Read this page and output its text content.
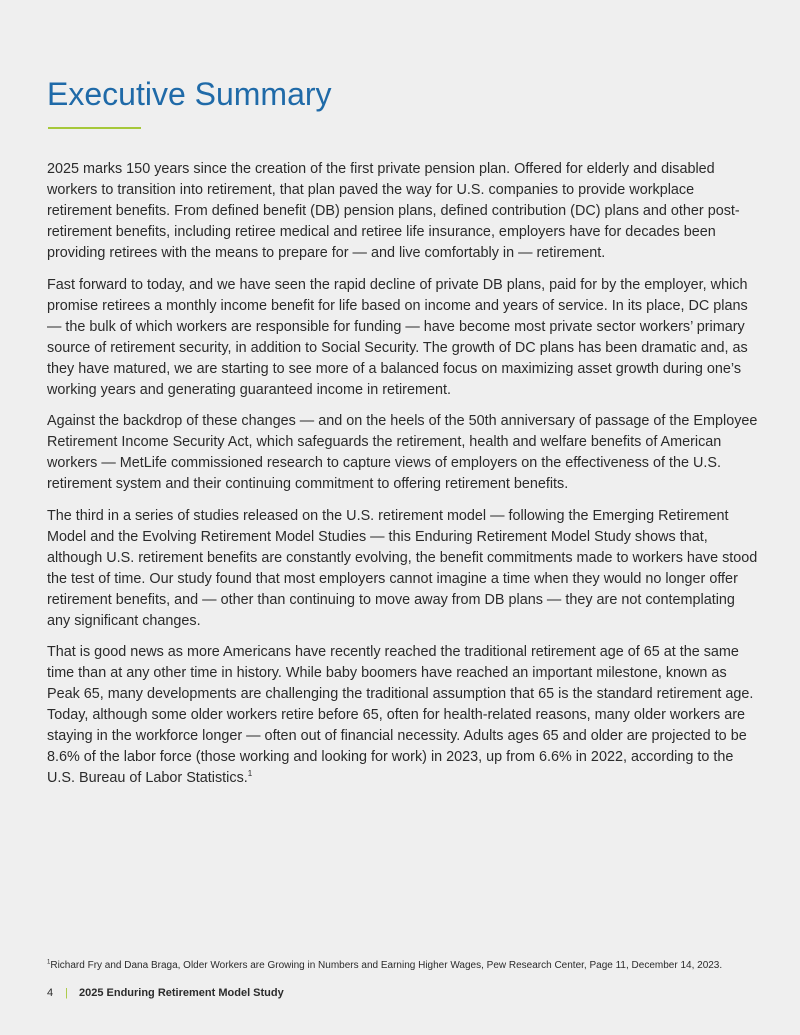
Executive Summary

2025 marks 150 years since the creation of the first private pension plan. Offered for elderly and disabled workers to transition into retirement, that plan paved the way for U.S. companies to provide workplace retirement benefits. From defined benefit (DB) pension plans, defined contribution (DC) plans and other post-retirement benefits, including retiree medical and retiree life insurance, employers have for decades been providing retirees with the means to prepare for — and live comfortably in — retirement.

Fast forward to today, and we have seen the rapid decline of private DB plans, paid for by the employer, which promise retirees a monthly income benefit for life based on income and years of service. In its place, DC plans — the bulk of which workers are responsible for funding — have become most private sector workers’ primary source of retirement security, in addition to Social Security. The growth of DC plans has been dramatic and, as they have matured, we are starting to see more of a balanced focus on maximizing asset growth during one’s working years and generating guaranteed income in retirement.

Against the backdrop of these changes — and on the heels of the 50th anniversary of passage of the Employee Retirement Income Security Act, which safeguards the retirement, health and welfare benefits of American workers — MetLife commissioned research to capture views of employers on the effectiveness of the U.S. retirement system and their continuing commitment to offering retirement benefits.

The third in a series of studies released on the U.S. retirement model — following the Emerging Retirement Model and the Evolving Retirement Model Studies — this Enduring Retirement Model Study shows that, although U.S. retirement benefits are constantly evolving, the benefit commitments made to workers have stood the test of time. Our study found that most employers cannot imagine a time when they would no longer offer retirement benefits, and — other than continuing to move away from DB plans — they are not contemplating any significant changes.

That is good news as more Americans have recently reached the traditional retirement age of 65 at the same time than at any other time in history. While baby boomers have reached an important milestone, known as Peak 65, many developments are challenging the traditional assumption that 65 is the standard retirement age. Today, although some older workers retire before 65, often for health-related reasons, many older workers are staying in the workforce longer — often out of financial necessity. Adults ages 65 and older are projected to be 8.6% of the labor force (those working and looking for work) in 2023, up from 6.6% in 2022, according to the U.S. Bureau of Labor Statistics.$^1$

$^1$Richard Fry and Dana Braga, Older Workers are Growing in Numbers and Earning Higher Wages, Pew Research Center, Page 11, December 14, 2023.
4 | 2025 Enduring Retirement Model Study
